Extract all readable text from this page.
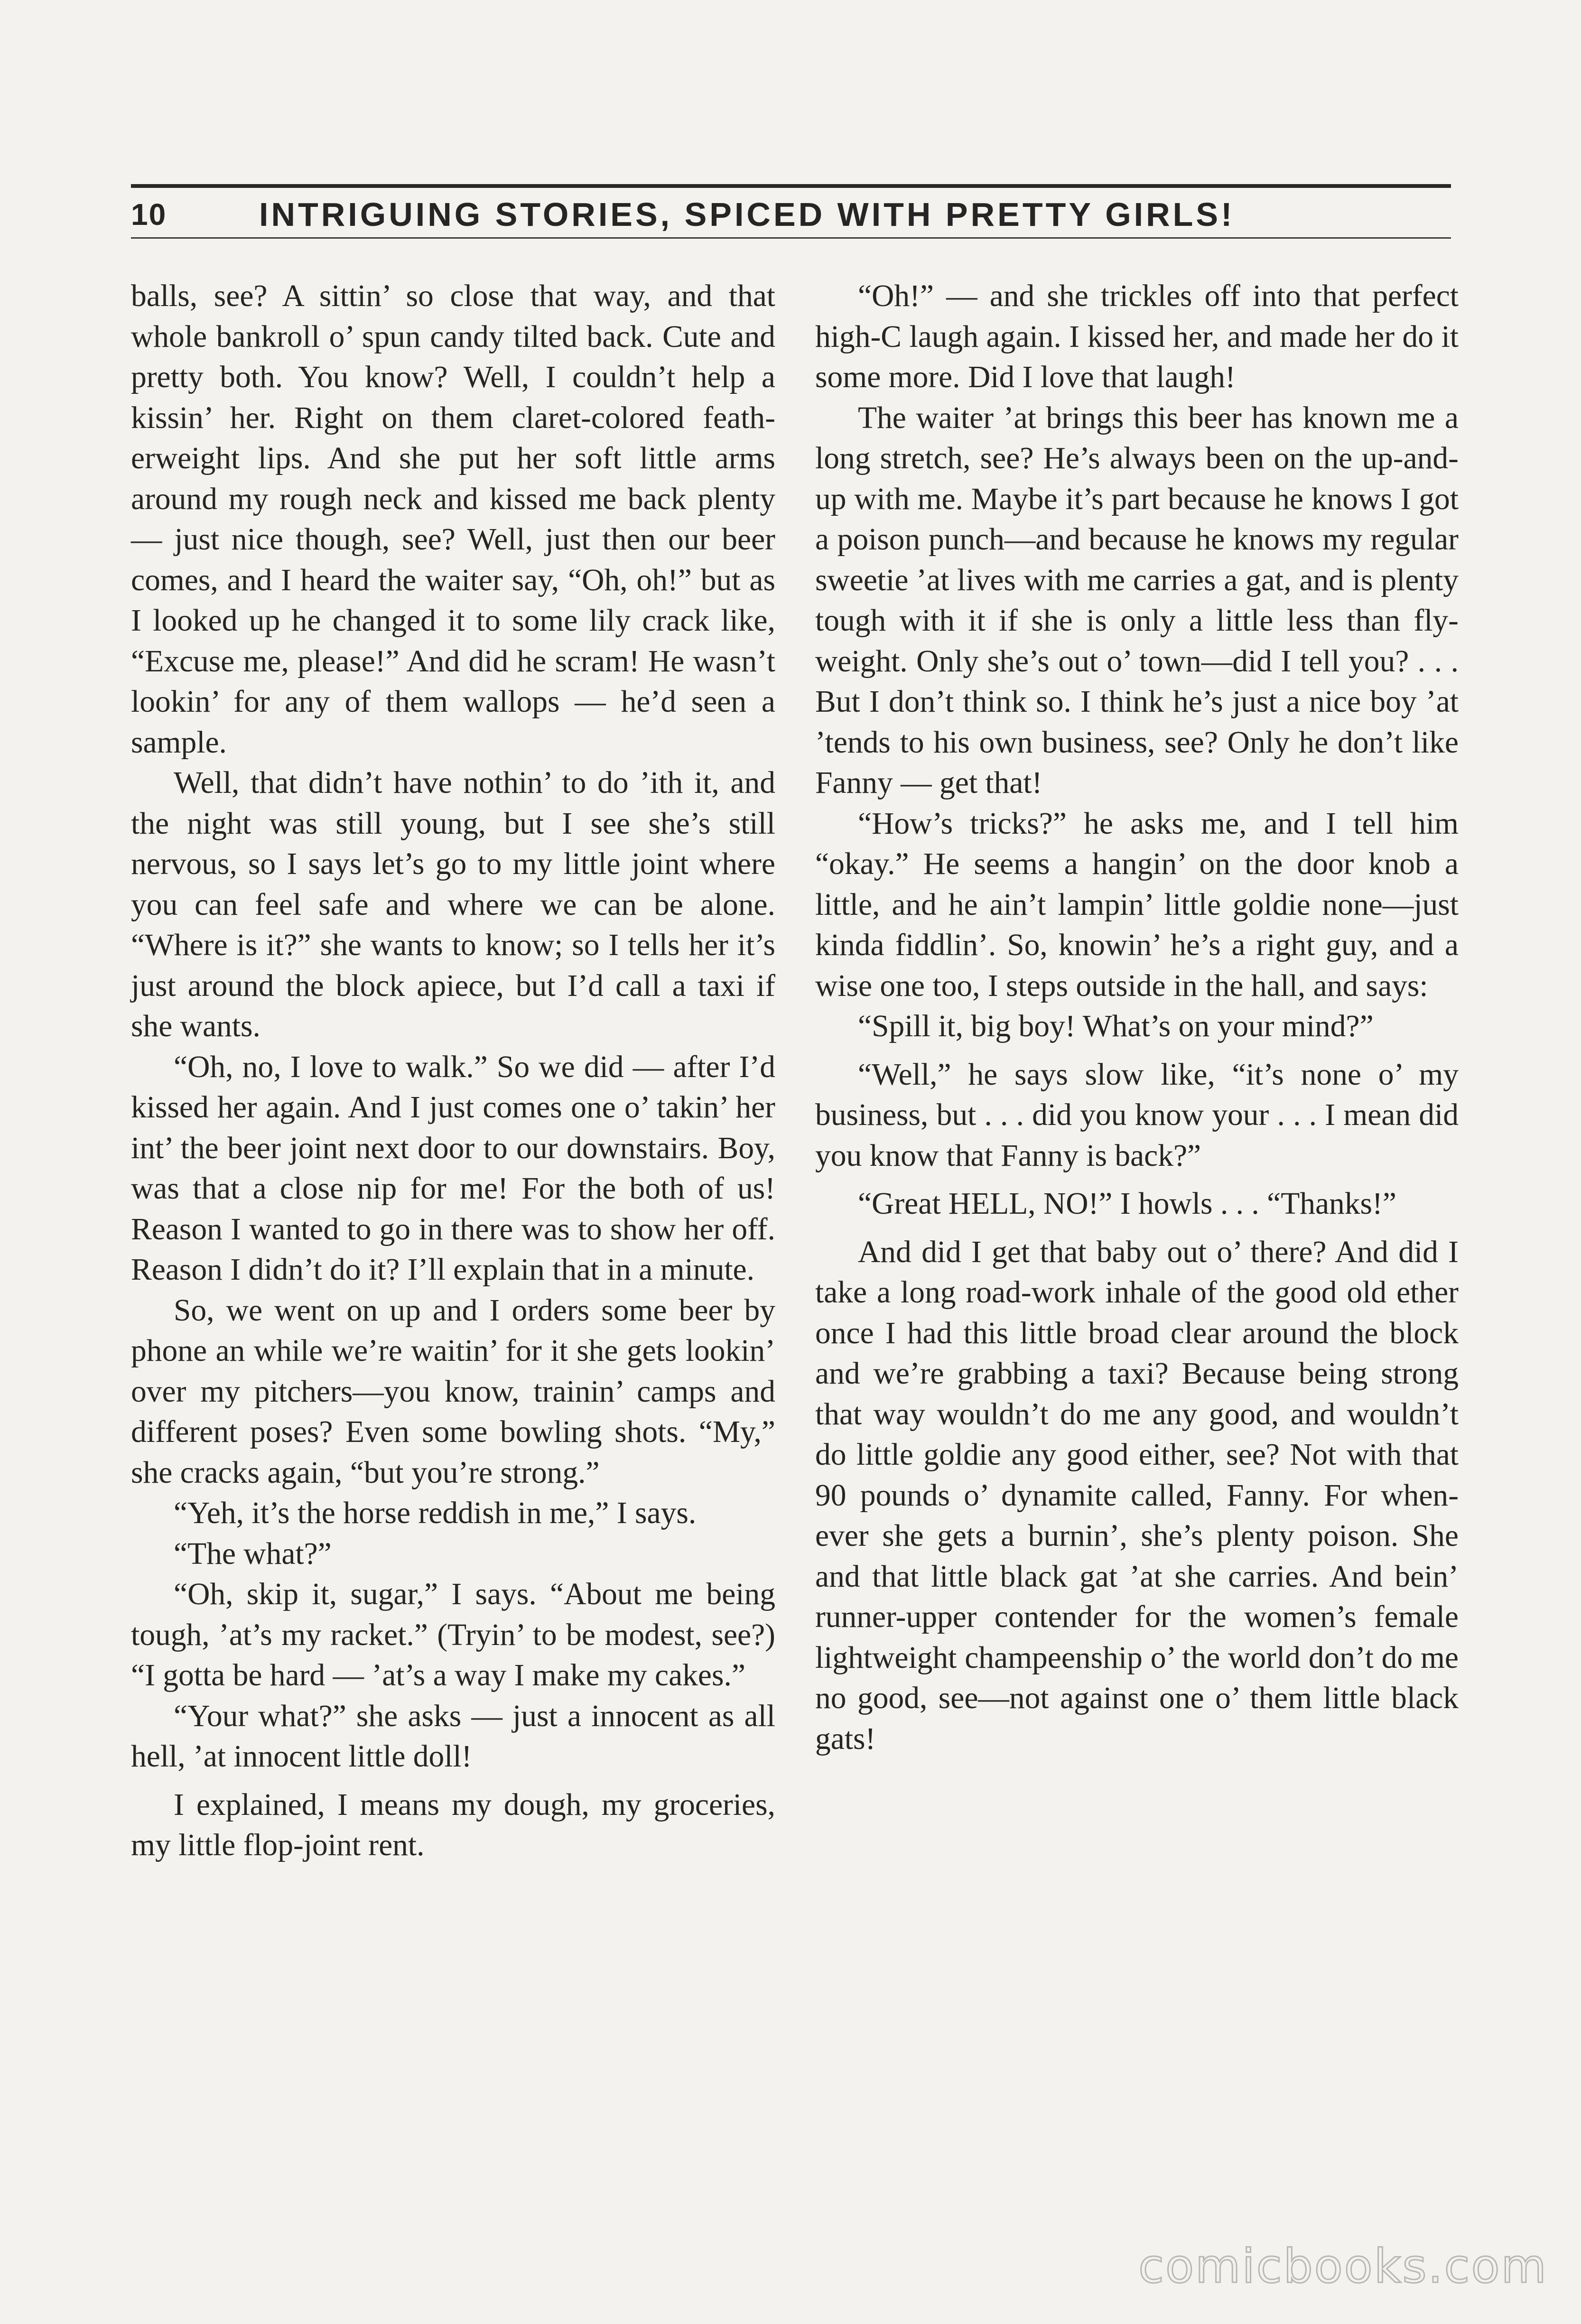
10	INTRIGUING STORIES, SPICED WITH PRETTY GIRLS!

balls, see? A sittin’ so close that way, and that whole bankroll o’ spun candy tilted back. Cute and pretty both. You know? Well, I couldn’t help a kissin’ her. Right on them claret-colored featherweight lips. And she put her soft little arms around my rough neck and kissed me back plenty — just nice though, see? Well, just then our beer comes, and I heard the waiter say, “Oh, oh!” but as I looked up he changed it to some lily crack like, “Excuse me, please!” And did he scram! He wasn’t lookin’ for any of them wallops — he’d seen a sample.

Well, that didn’t have nothin’ to do ’ith it, and the night was still young, but I see she’s still nervous, so I says let’s go to my little joint where you can feel safe and where we can be alone. “Where is it?” she wants to know; so I tells her it’s just around the block apiece, but I’d call a taxi if she wants.

“Oh, no, I love to walk.” So we did — after I’d kissed her again. And I just comes one o’ takin’ her int’ the beer joint next door to our downstairs. Boy, was that a close nip for me! For the both of us! Reason I wanted to go in there was to show her off. Reason I didn’t do it? I’ll explain that in a minute.

So, we went on up and I orders some beer by phone an while we’re waitin’ for it she gets lookin’ over my pitchers—you know, trainin’ camps and different poses? Even some bowling shots. “My,” she cracks again, “but you’re strong.”

“Yeh, it’s the horse reddish in me,” I says.

“The what?”

“Oh, skip it, sugar,” I says. “About me being tough, ’at’s my racket.” (Tryin’ to be modest, see?) “I gotta be hard — ’at’s a way I make my cakes.”

“Your what?” she asks — just a innocent as all hell, ’at innocent little doll!

I explained, I means my dough, my groceries, my little flop-joint rent.

“Oh!” — and she trickles off into that perfect high-C laugh again. I kissed her, and made her do it some more. Did I love that laugh!

The waiter ’at brings this beer has known me a long stretch, see? He’s always been on the up-and-up with me. Maybe it’s part because he knows I got a poison punch—and because he knows my regular sweetie ’at lives with me carries a gat, and is plenty tough with it if she is only a little less than fly-weight. Only she’s out o’ town—did I tell you? . . . But I don’t think so. I think he’s just a nice boy ’at ’tends to his own business, see? Only he don’t like Fanny — get that!

“How’s tricks?” he asks me, and I tell him “okay.” He seems a hangin’ on the door knob a little, and he ain’t lampin’ little goldie none—just kinda fiddlin’. So, knowin’ he’s a right guy, and a wise one too, I steps outside in the hall, and says:

“Spill it, big boy! What’s on your mind?”

“Well,” he says slow like, “it’s none o’ my business, but . . . did you know your . . . I mean did you know that Fanny is back?”

“Great HELL, NO!” I howls . . . “Thanks!”

And did I get that baby out o’ there? And did I take a long road-work inhale of the good old ether once I had this little broad clear around the block and we’re grabbing a taxi? Because being strong that way wouldn’t do me any good, and wouldn’t do little goldie any good either, see? Not with that 90 pounds o’ dynamite called, Fanny. For whenever she gets a burnin’, she’s plenty poison. She and that little black gat ’at she carries. And bein’ runner-upper contender for the women’s female lightweight champeenship o’ the world don’t do me no good, see—not against one o’ them little black gats!

comicbooks.com
